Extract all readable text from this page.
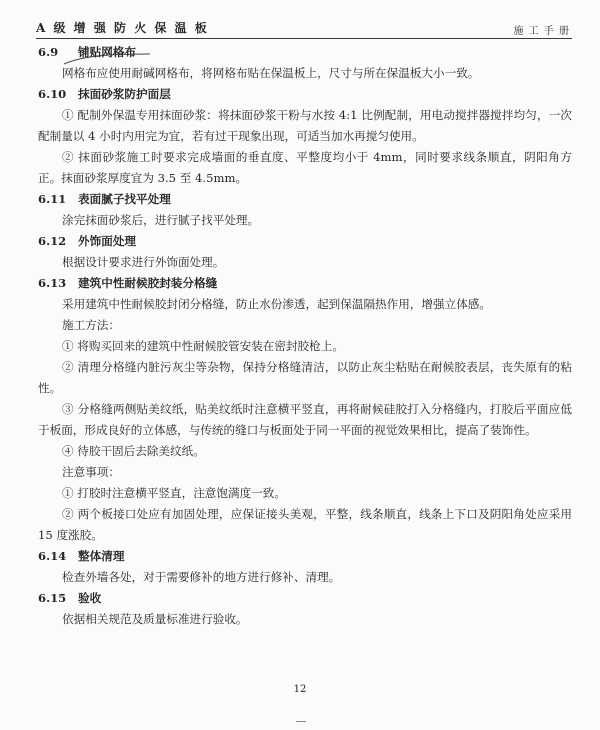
A 级 增 强 防 火 保 温 板	施 工 手 册
6.9 铺贴网格布

网格布应使用耐碱网格布，将网格布贴在保温板上，尺寸与所在保温板大小一致。

6.10 抹面砂浆防护面层

① 配制外保温专用抹面砂浆：将抹面砂浆干粉与水按 4:1 比例配制，用电动搅拌器搅拌均匀，一次配制量以 4 小时内用完为宜，若有过干现象出现，可适当加水再搅匀使用。

② 抹面砂浆施工时要求完成墙面的垂直度、平整度均小于 4mm，同时要求线条顺直，阴阳角方正。抹面砂浆厚度宜为 3.5 至 4.5mm。

6.11 表面腻子找平处理

涂完抹面砂浆后，进行腻子找平处理。

6.12 外饰面处理

根据设计要求进行外饰面处理。

6.13 建筑中性耐候胶封装分格缝

采用建筑中性耐候胶封闭分格缝，防止水份渗透，起到保温隔热作用，增强立体感。

施工方法：

① 将购买回来的建筑中性耐候胶管安装在密封胶枪上。

② 清理分格缝内脏污灰尘等杂物，保持分格缝清洁，以防止灰尘粘贴在耐候胶表层，丧失原有的粘性。

③ 分格缝两侧贴美纹纸，贴美纹纸时注意横平竖直，再将耐候硅胶打入分格缝内，打胶后平面应低于板面，形成良好的立体感，与传统的缝口与板面处于同一平面的视觉效果相比，提高了装饰性。

④ 待胶干固后去除美纹纸。

注意事项：

① 打胶时注意横平竖直，注意饱满度一致。

② 两个板接口处应有加固处理，应保证接头美观，平整，线条顺直，线条上下口及阴阳角处应采用 15 度涨胶。

6.14 整体清理

检查外墙各处，对于需要修补的地方进行修补、清理。

6.15 验收

依据相关规范及质量标准进行验收。

12
